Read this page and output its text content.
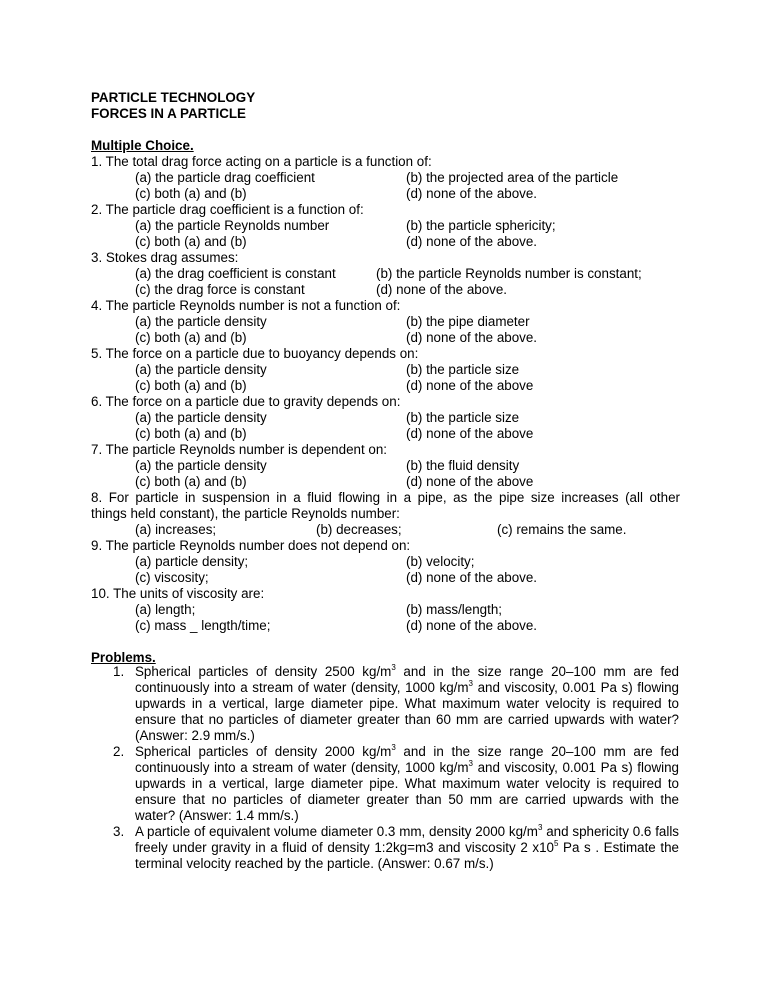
PARTICLE TECHNOLOGY
FORCES IN A PARTICLE
Multiple Choice.
1. The total drag force acting on a particle is a function of:
(a) the particle drag coefficient	(b) the projected area of the particle
(c) both (a) and (b)	(d) none of the above.
2. The particle drag coefficient is a function of:
(a) the particle Reynolds number	(b) the particle sphericity;
(c) both (a) and (b)	(d) none of the above.
3. Stokes drag assumes:
(a) the drag coefficient is constant	(b) the particle Reynolds number is constant;
(c) the drag force is constant	(d) none of the above.
4. The particle Reynolds number is not a function of:
(a) the particle density	(b) the pipe diameter
(c) both (a) and (b)	(d) none of the above.
5. The force on a particle due to buoyancy depends on:
(a) the particle density	(b) the particle size
(c) both (a) and (b)	(d) none of the above
6. The force on a particle due to gravity depends on:
(a) the particle density	(b) the particle size
(c) both (a) and (b)	(d) none of the above
7. The particle Reynolds number is dependent on:
(a) the particle density	(b) the fluid density
(c) both (a) and (b)	(d) none of the above
8. For particle in suspension in a fluid flowing in a pipe, as the pipe size increases (all other
things held constant), the particle Reynolds number:
(a) increases;	(b) decreases;	(c) remains the same.
9. The particle Reynolds number does not depend on:
(a) particle density;	(b) velocity;
(c) viscosity;	(d) none of the above.
10. The units of viscosity are:
(a) length;	(b) mass/length;
(c) mass _ length/time;	(d) none of the above.
Problems.
1. Spherical particles of density 2500 $kg/m^3$ and in the size range 20–100 mm are fed continuously into a stream of water (density, 1000 $kg/m^3$ and viscosity, 0.001 Pa s) flowing upwards in a vertical, large diameter pipe. What maximum water velocity is required to ensure that no particles of diameter greater than 60 mm are carried upwards with water? (Answer: 2.9 mm/s.)
2. Spherical particles of density 2000 $kg/m^3$ and in the size range 20–100 mm are fed continuously into a stream of water (density, 1000 $kg/m^3$ and viscosity, 0.001 Pa s) flowing upwards in a vertical, large diameter pipe. What maximum water velocity is required to ensure that no particles of diameter greater than 50 mm are carried upwards with the water? (Answer: 1.4 mm/s.)
3. A particle of equivalent volume diameter 0.3 mm, density 2000 $kg/m^3$ and sphericity 0.6 falls freely under gravity in a fluid of density 1:2kg=m3 and viscosity 2 $x10^5$ Pa s . Estimate the terminal velocity reached by the particle. (Answer: 0.67 m/s.)
